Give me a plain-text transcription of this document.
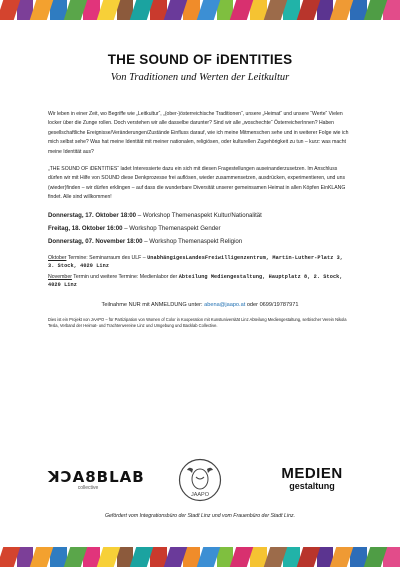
THE SOUND OF iDENTITIES
Von Traditionen und Werten der Leitkultur

Wir leben in einer Zeit, wo Begriffe wie „Leitkultur“, „(ober-)österreichische Traditionen“, unsere „Heimat“ und unsere “Werte“ Vielen locker über die Zunge rollen. Doch verstehen wir alle dasselbe darunter? Sind wir alle „woschechte“ ÖsterreicherInnen? Haben gesellschaftliche Ereignisse/Veränderungen/Zustände Einfluss darauf, wie ich meine Mitmenschen sehe und in weiterer Folge wie ich mich selbst sehe? Was hat meine Identität mit meiner nationalen, religiösen, oder kulturellen Zugehörigkeit zu tun – kurz: was macht meine Identität aus?

„THE SOUND OF iDENTITIES“ ladet Interessierte dazu ein sich mit diesen Fragestellungen auseinanderzusetzen. Im Anschluss dürfen wir mit Hilfe von SOUND diese Denkprozesse frei auflösen, wieder zusammensetzen, ausdrücken, experimentieren, und uns (wieder)finden – wir dürfen erklingen – auf dass die wunderbare Diversität unserer gemeinsamen Heimat in allen Köpfen EinKLANG findet. Alle sind willkommen!

Donnerstag, 17. Oktober 18:00 – Workshop Themenaspekt Kultur/Nationalität
Freitag, 18. Oktober 16:00 – Workshop Themenaspekt Gender
Donnerstag, 07. November 18:00 – Workshop Themenaspekt Religion

Oktober Termine: Seminarraum des ULF – UnabhängigesLandesFreiwilligenzentrum, Martin-Luther-Platz 3, 3. Stock, 4020 Linz

November Termin und weitere Termine: Medienlabor der Abteilung Mediengestaltung, Hauptplatz 8, 2. Stock, 4020 Linz

Teilnahme NUR mit ANMELDUNG unter: abena@jaapo.at oder 0699/19787971

Dies ist ein Projekt von JAAPO – für Partizipation von Women of Color in Kooperation mit Kunstuniversität Linz Abteilung Mediengestaltung, serbischer Verein Nikola Tesla, Verband der Heimat- und Trachtenvereine Linz und Umgebung und Backlab Collective.

ꓘƆA8BLAB
collective
JAAPO
MEDIEN
gestaltung
Gefördert vom Integrationsbüro der Stadt Linz und vom Frauenbüro der Stadt Linz.
